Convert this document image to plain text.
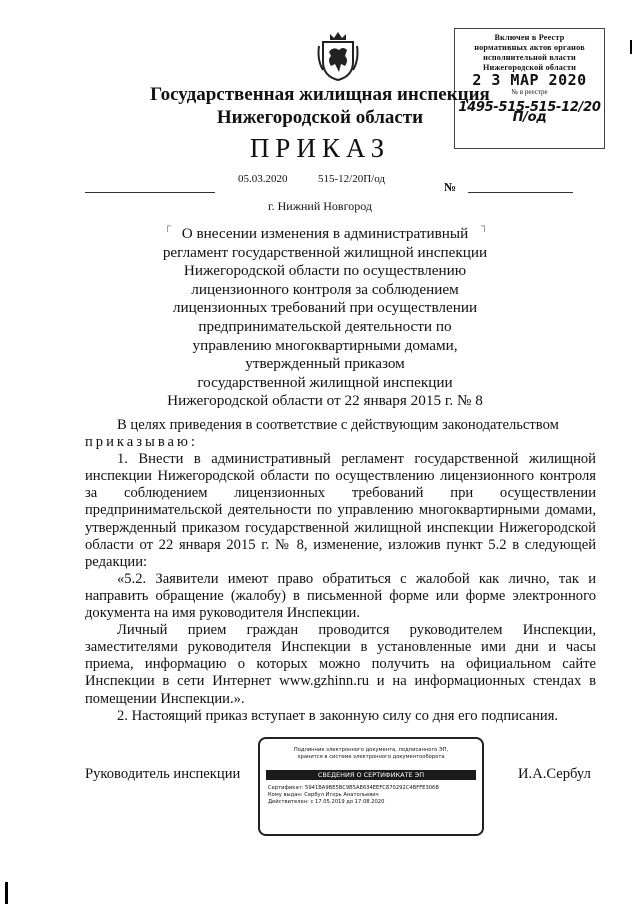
Включен в Реестр
нормативных актов органов
исполнительной власти
Нижегородской области
2 3 МАР 2020
№ в реестре
1495-515-515-12/20 П/од
Государственная жилищная инспекция
Нижегородской области
ПРИКАЗ
05.03.2020	515-12/20П/од
№
г. Нижний Новгород
┌	┐
О внесении изменения в административный
регламент государственной жилищной инспекции
Нижегородской области по осуществлению
лицензионного контроля за соблюдением
лицензионных требований при осуществлении
предпринимательской деятельности по
управлению многоквартирными домами,
утвержденный приказом
государственной жилищной инспекции
Нижегородской области от 22 января 2015 г. № 8

В целях приведения в соответствие с действующим законодательством

приказываю:

1. Внести в административный регламент государственной жилищной инспекции Нижегородской области по осуществлению лицензионного контроля за соблюдением лицензионных требований при осуществлении предпринимательской деятельности по управлению многоквартирными домами, утвержденный приказом государственной жилищной инспекции Нижегородской области от 22 января 2015 г. № 8, изменение, изложив пункт 5.2 в следующей редакции:

«5.2. Заявители имеют право обратиться с жалобой как лично, так и направить обращение (жалобу) в письменной форме или форме электронного документа на имя руководителя Инспекции.

Личный прием граждан проводится руководителем Инспекции, заместителями руководителя Инспекции в установленные ими дни и часы приема, информацию о которых можно получить на официальном сайте Инспекции в сети Интернет www.gzhinn.ru и на информационных стендах в помещении Инспекции.».

2. Настоящий приказ вступает в законную силу со дня его подписания.

Руководитель инспекции	И.А.Сербул
Подлинник электронного документа, подписанного ЭП,
хранится в системе электронного документооборота
СВЕДЕНИЯ О СЕРТИФИКАТЕ ЭП
Сертификат: 5941BA9BE5BC9B5AE634EEFC870292C4BFFE306B
Кому выдан: Сербул Игорь Анатольевич
Действителен: с 17.05.2019 до 17.08.2020
